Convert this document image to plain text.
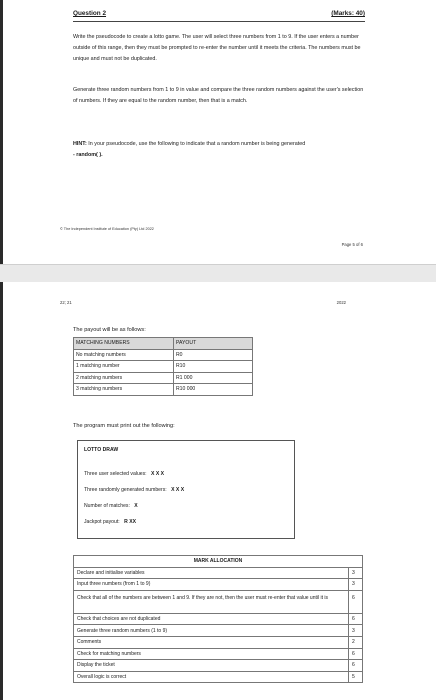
Question 2	(Marks: 40)
Write the pseudocode to create a lotto game. The user will select three numbers from 1 to 9. If the user enters a number outside of this range, then they must be prompted to re-enter the number until it meets the criteria. The numbers must be unique and must not be duplicated.
Generate three random numbers from 1 to 9 in value and compare the three random numbers against the user's selection of numbers. If they are equal to the random number, then that is a match.
HINT: In your pseudocode, use the following to indicate that a random number is being generated
- random( ).
© The Independent Institute of Education (Pty) Ltd 2022
Page 5 of 6
22; 21	2022
The payout will be as follows:
MATCHING NUMBERS	PAYOUT
No matching numbers	R0
1 matching number	R10
2 matching numbers	R1 000
3 matching numbers	R10 000
The program must print out the following:
LOTTO DRAW
Three user selected values: X X X
Three randomly generated numbers: X X X
Number of matches: X
Jackpot payout: R XX
MARK ALLOCATION	
Declare and initialise variables	3
Input three numbers (from 1 to 9)	3
Check that all of the numbers are between 1 and 9. If they are not, then the user must re-enter that value until it is	6
Check that choices are not duplicated	6
Generate three random numbers (1 to 9)	3
Comments	2
Check for matching numbers	6
Display the ticket	6
Overall logic is correct	5
